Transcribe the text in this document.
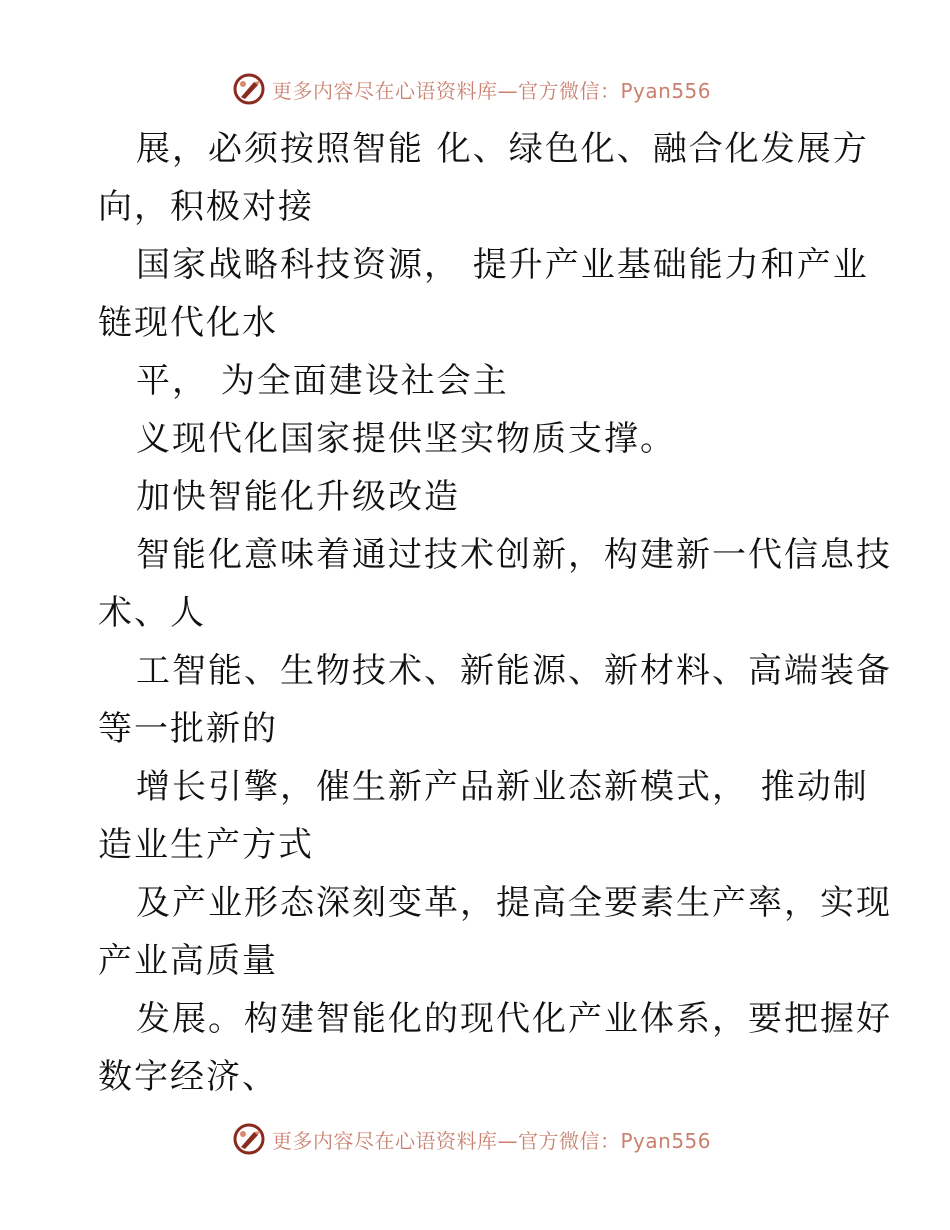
更多内容尽在心语资料库—官方微信：Pyan556
展，必须按照智能 化、绿色化、融合化发展方
向，积极对接
国家战略科技资源， 提升产业基础能力和产业
链现代化水
平， 为全面建设社会主
义现代化国家提供坚实物质支撑。
加快智能化升级改造
智能化意味着通过技术创新，构建新一代信息技
术、人
工智能、生物技术、新能源、新材料、高端装备
等一批新的
增长引擎，催生新产品新业态新模式， 推动制
造业生产方式
及产业形态深刻变革，提高全要素生产率，实现
产业高质量
发展。构建智能化的现代化产业体系，要把握好
数字经济、
更多内容尽在心语资料库—官方微信：Pyan556
